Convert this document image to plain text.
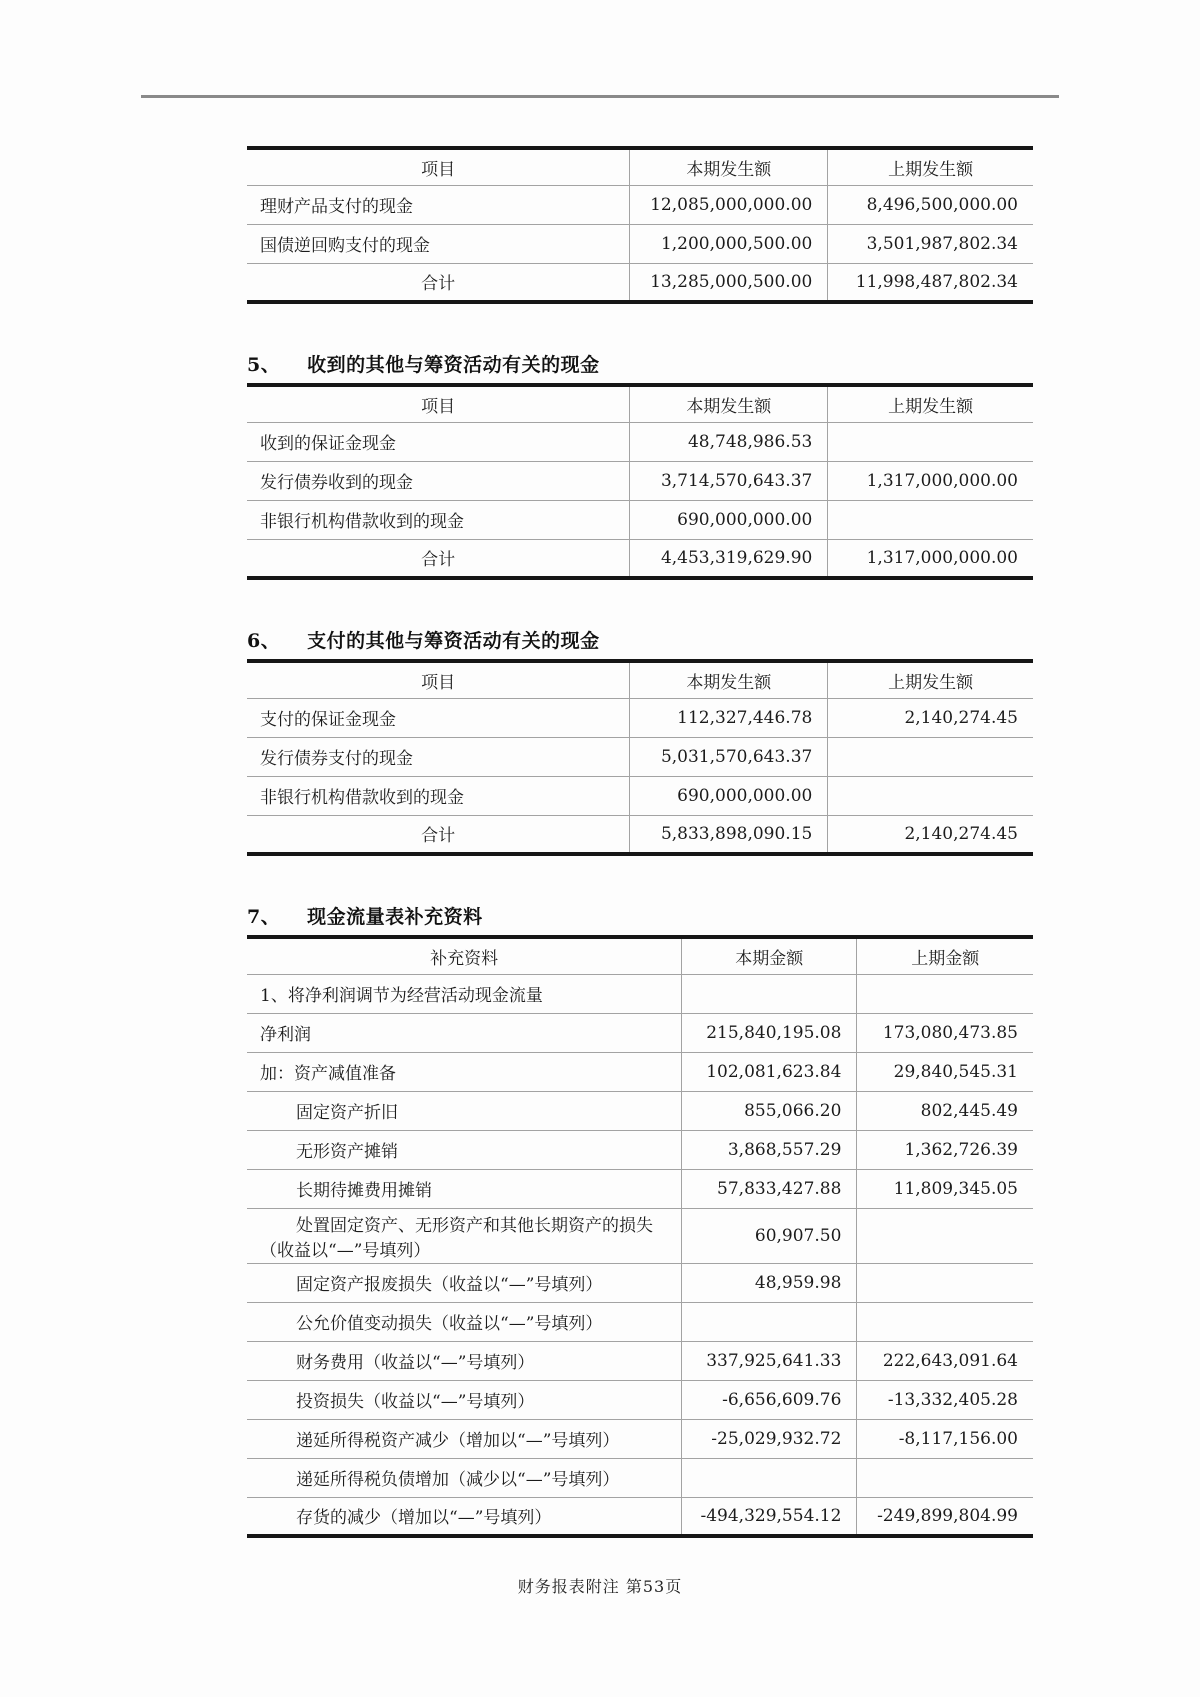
项目	本期发生额	上期发生额

理财产品支付的现金	12,085,000,000.00	8,496,500,000.00

国债逆回购支付的现金	1,200,000,500.00	3,501,987,802.34

合计	13,285,000,500.00	11,998,487,802.34
5、 收到的其他与筹资活动有关的现金
项目	本期发生额	上期发生额

收到的保证金现金	48,748,986.53	

发行债券收到的现金	3,714,570,643.37	1,317,000,000.00

非银行机构借款收到的现金	690,000,000.00	

合计	4,453,319,629.90	1,317,000,000.00
6、 支付的其他与筹资活动有关的现金
项目	本期发生额	上期发生额

支付的保证金现金	112,327,446.78	2,140,274.45

发行债券支付的现金	5,031,570,643.37	

非银行机构借款收到的现金	690,000,000.00	

合计	5,833,898,090.15	2,140,274.45
7、 现金流量表补充资料
补充资料	本期金额	上期金额

1、将净利润调节为经营活动现金流量		

净利润	215,840,195.08	173,080,473.85

加：资产减值准备	102,081,623.84	29,840,545.31

固定资产折旧	855,066.20	802,445.49

无形资产摊销	3,868,557.29	1,362,726.39

长期待摊费用摊销	57,833,427.88	11,809,345.05

处置固定资产、无形资产和其他长期资产的损失
（收益以“—”号填列）	60,907.50	

固定资产报废损失（收益以“—”号填列）	48,959.98	

公允价值变动损失（收益以“—”号填列）		

财务费用（收益以“—”号填列）	337,925,641.33	222,643,091.64

投资损失（收益以“—”号填列）	-6,656,609.76	-13,332,405.28

递延所得税资产减少（增加以“—”号填列）	-25,029,932.72	-8,117,156.00

递延所得税负债增加（减少以“—”号填列）		

存货的减少（增加以“—”号填列）	-494,329,554.12	-249,899,804.99
财务报表附注 第53页
